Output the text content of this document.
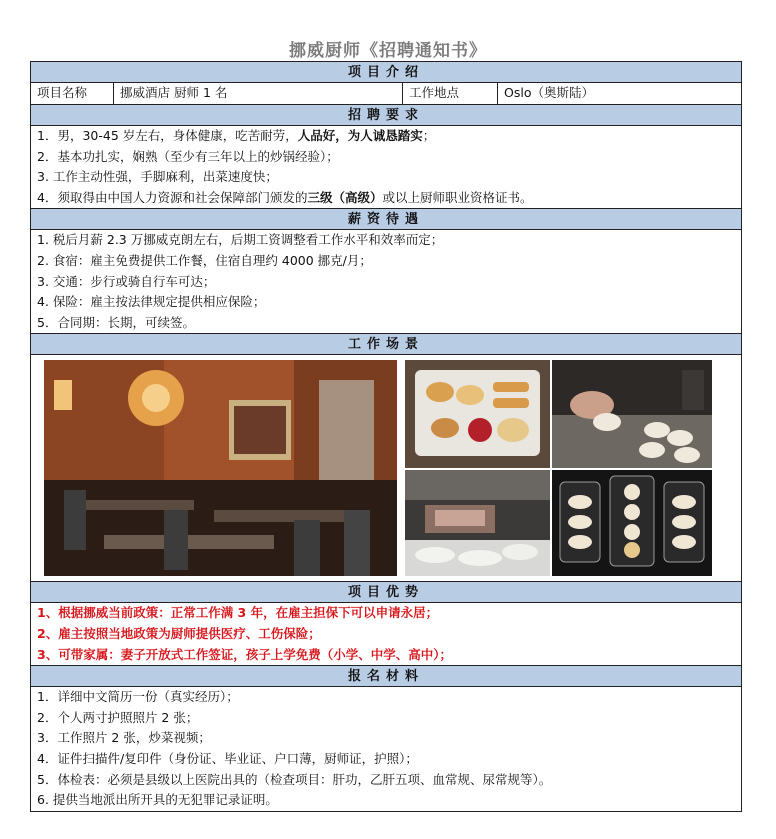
挪威厨师《招聘通知书》
项目介绍
项目名称	挪威酒店 厨师 1 名	工作地点	Oslo（奥斯陆）
招聘要求
1．男，30-45 岁左右，身体健康，吃苦耐劳，人品好，为人诚恳踏实；
2．基本功扎实，娴熟（至少有三年以上的炒锅经验）；
3. 工作主动性强，手脚麻利，出菜速度快；
4．须取得由中国人力资源和社会保障部门颁发的三级（高级）或以上厨师职业资格证书。
薪资待遇
1. 税后月薪 2.3 万挪威克朗左右，后期工资调整看工作水平和效率而定；
2. 食宿：雇主免费提供工作餐，住宿自理约 4000 挪克/月；
3. 交通：步行或骑自行车可达；
4. 保险：雇主按法律规定提供相应保险；
5．合同期：长期，可续签。
工作场景
项目优势
1、根据挪威当前政策：正常工作满 3 年，在雇主担保下可以申请永居；
2、雇主按照当地政策为厨师提供医疗、工伤保险；
3、可带家属：妻子开放式工作签证，孩子上学免费（小学、中学、高中）；
报名材料
1．详细中文简历一份（真实经历）；
2．个人两寸护照照片 2 张；
3．工作照片 2 张，炒菜视频；
4．证件扫描件/复印件（身份证、毕业证、户口薄，厨师证，护照）；
5．体检表：必须是县级以上医院出具的（检查项目：肝功，乙肝五项、血常规、尿常规等）。
6. 提供当地派出所开具的无犯罪记录证明。
